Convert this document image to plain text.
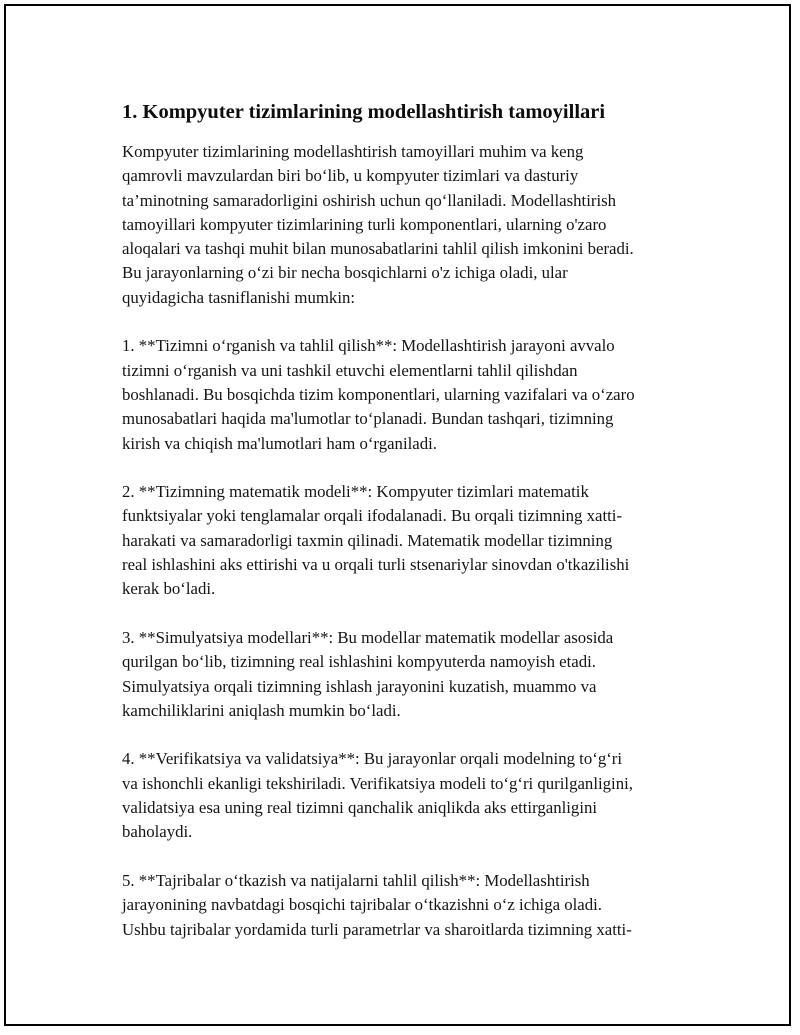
1. Kompyuter tizimlarining modellashtirish tamoyillari
Kompyuter tizimlarining modellashtirish tamoyillari muhim va keng
qamrovli mavzulardan biri bo‘lib, u kompyuter tizimlari va dasturiy
ta’minotning samaradorligini oshirish uchun qo‘llaniladi. Modellashtirish
tamoyillari kompyuter tizimlarining turli komponentlari, ularning o'zaro
aloqalari va tashqi muhit bilan munosabatlarini tahlil qilish imkonini beradi.
Bu jarayonlarning o‘zi bir necha bosqichlarni o'z ichiga oladi, ular
quyidagicha tasniflanishi mumkin:
1. **Tizimni o‘rganish va tahlil qilish**: Modellashtirish jarayoni avvalo
tizimni o‘rganish va uni tashkil etuvchi elementlarni tahlil qilishdan
boshlanadi. Bu bosqichda tizim komponentlari, ularning vazifalari va o‘zaro
munosabatlari haqida ma'lumotlar to‘planadi. Bundan tashqari, tizimning
kirish va chiqish ma'lumotlari ham o‘rganiladi.
2. **Tizimning matematik modeli**: Kompyuter tizimlari matematik
funktsiyalar yoki tenglamalar orqali ifodalanadi. Bu orqali tizimning xatti-
harakati va samaradorligi taxmin qilinadi. Matematik modellar tizimning
real ishlashini aks ettirishi va u orqali turli stsenariylar sinovdan o'tkazilishi
kerak bo‘ladi.
3. **Simulyatsiya modellari**: Bu modellar matematik modellar asosida
qurilgan bo‘lib, tizimning real ishlashini kompyuterda namoyish etadi.
Simulyatsiya orqali tizimning ishlash jarayonini kuzatish, muammo va
kamchiliklarini aniqlash mumkin bo‘ladi.
4. **Verifikatsiya va validatsiya**: Bu jarayonlar orqali modelning to‘g‘ri
va ishonchli ekanligi tekshiriladi. Verifikatsiya modeli to‘g‘ri qurilganligini,
validatsiya esa uning real tizimni qanchalik aniqlikda aks ettirganligini
baholaydi.
5. **Tajribalar o‘tkazish va natijalarni tahlil qilish**: Modellashtirish
jarayonining navbatdagi bosqichi tajribalar o‘tkazishni o‘z ichiga oladi.
Ushbu tajribalar yordamida turli parametrlar va sharoitlarda tizimning xatti-
